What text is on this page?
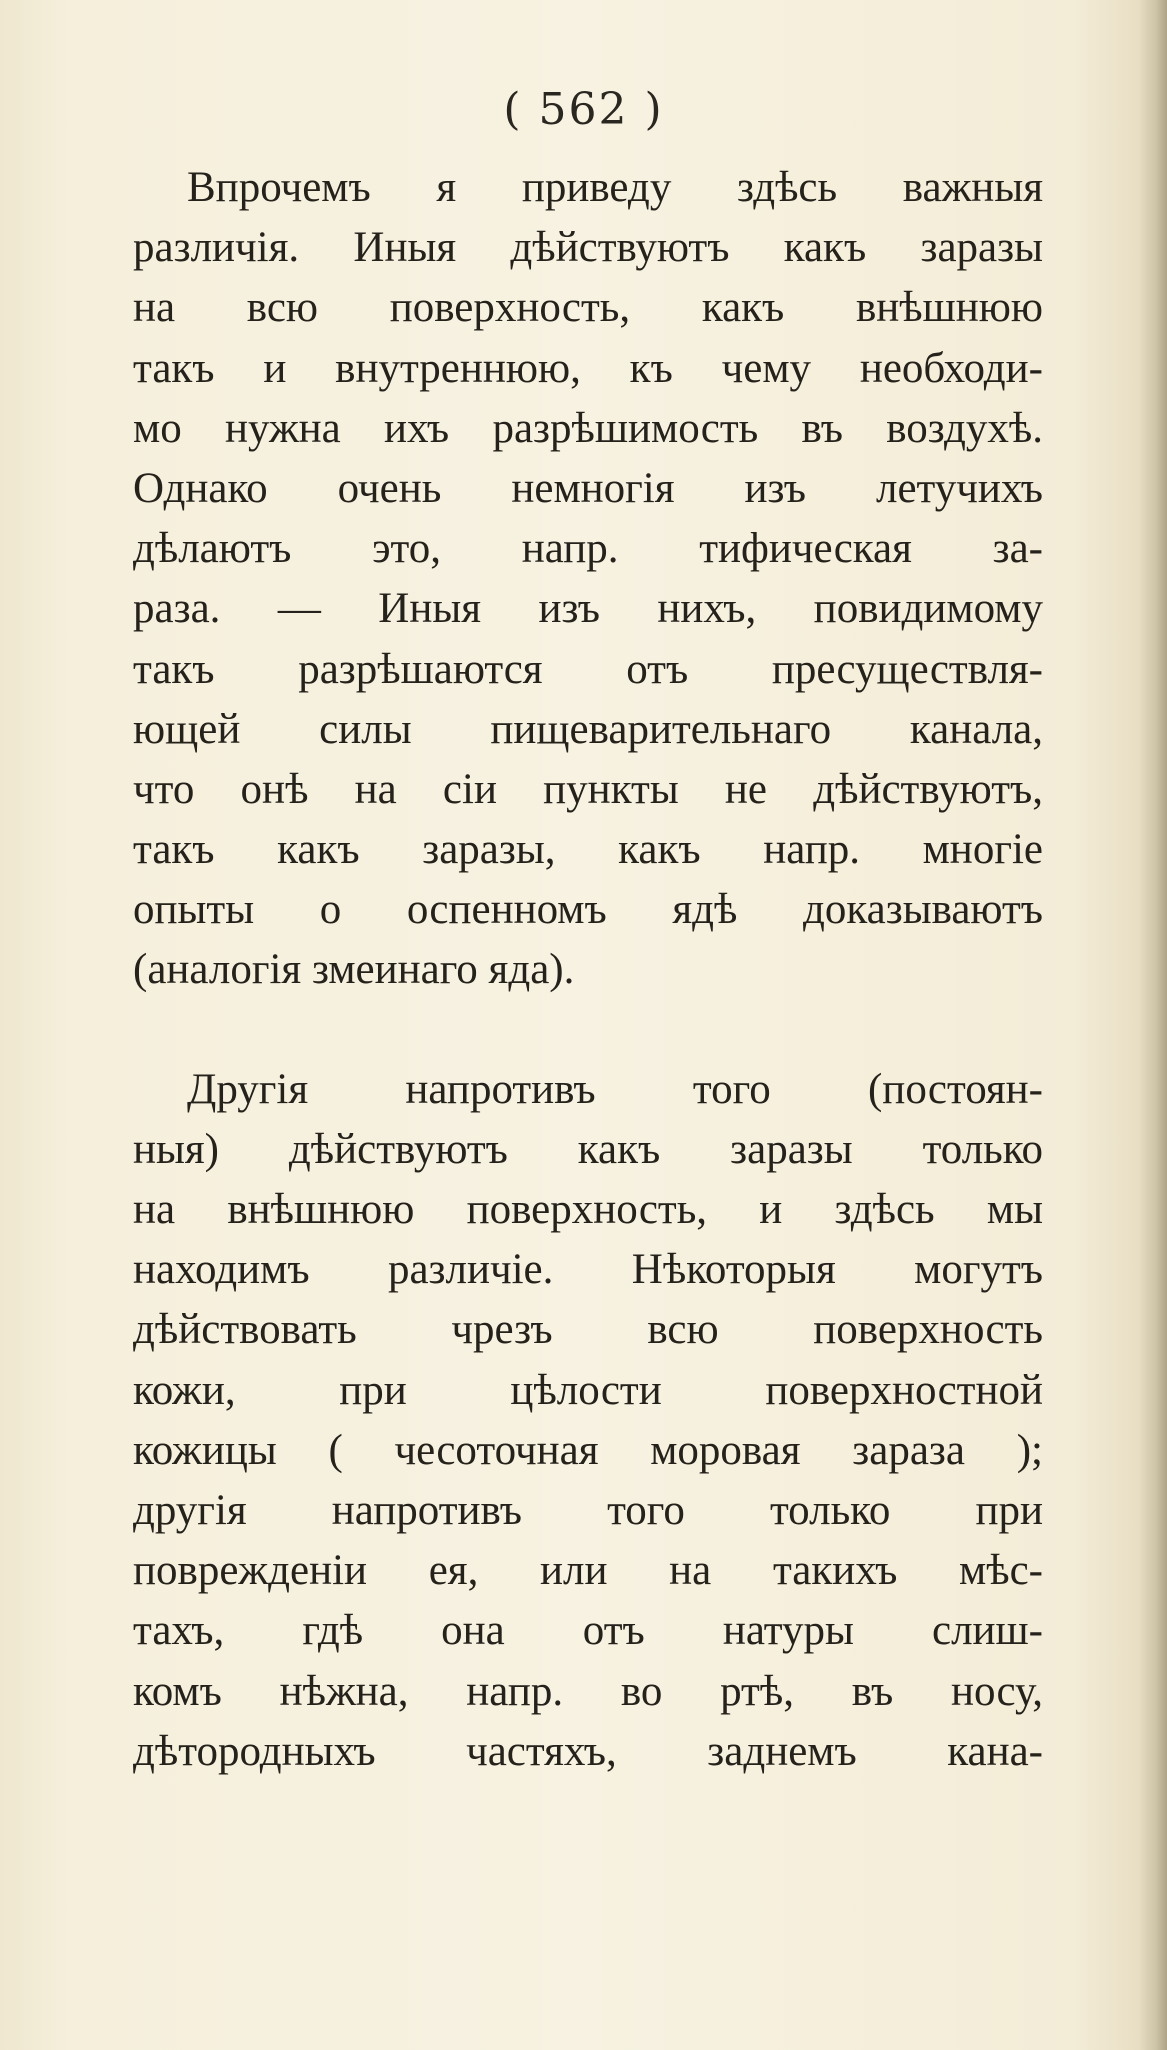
( 562 )
Впрочемъ я приведу здѣсь важныя
различія. Иныя дѣйствуютъ какъ заразы
на всю поверхность, какъ внѣшнюю
такъ и внутреннюю, къ чему необходи-
мо нужна ихъ разрѣшимость въ воздухѣ.
Однако очень немногія изъ летучихъ
дѣлаютъ это, напр. тифическая за-
раза. — Иныя изъ нихъ, повидимому
такъ разрѣшаются отъ пресуществля-
ющей силы пищеварительнаго канала,
что онѣ на сіи пункты не дѣйствуютъ,
такъ какъ заразы, какъ напр. многіе
опыты о оспенномъ ядѣ доказываютъ
(аналогія змеинаго яда).
Другія напротивъ того (постоян-
ныя) дѣйствуютъ какъ заразы только
на внѣшнюю поверхность, и здѣсь мы
находимъ различіе. Нѣкоторыя могутъ
дѣйствовать чрезъ всю поверхность
кожи, при цѣлости поверхностной
кожицы ( чесоточная моровая зараза );
другія напротивъ того только при
поврежденіи ея, или на такихъ мѣс-
тахъ, гдѣ она отъ натуры слиш-
комъ нѣжна, напр. во ртѣ, въ носу,
дѣтородныхъ частяхъ, заднемъ кана-
